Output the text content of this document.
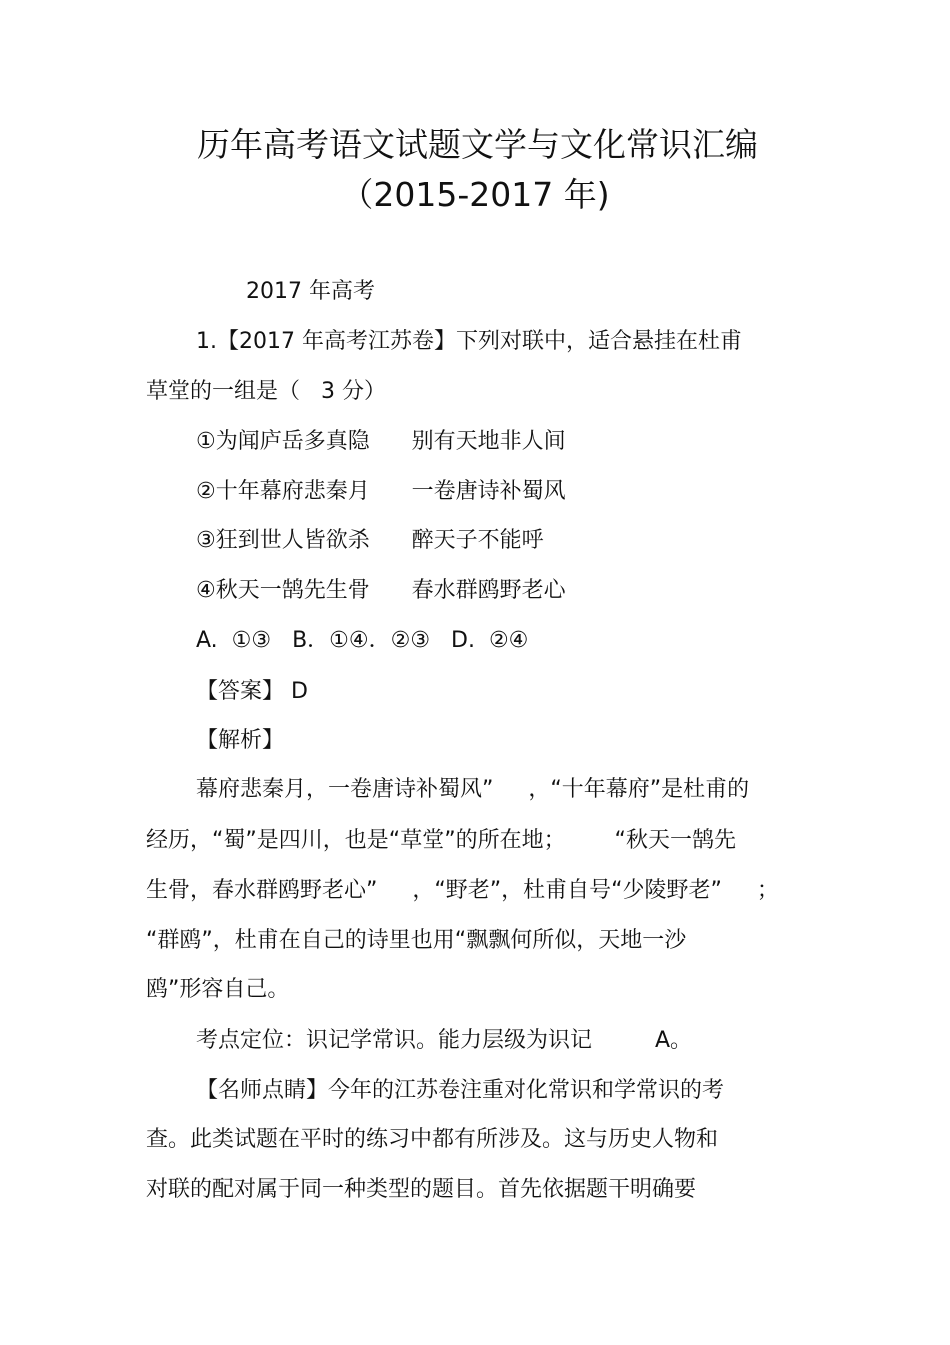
历年高考语文试题文学与文化常识汇编
（2015-2017 年)
2017 年高考
1.【2017 年高考江苏卷】下列对联中，适合悬挂在杜甫
草堂的一组是（   3 分）
①为闻庐岳多真隐      别有天地非人间
②十年幕府悲秦月      一卷唐诗补蜀风
③狂到世人皆欲杀      醉天子不能呼
④秋天一鹄先生骨      春水群鸥野老心
A.  ①③   B．①④．②③   D.  ②④
【答案】 D
【解析】
幕府悲秦月，一卷唐诗补蜀风”     ，“十年幕府”是杜甫的
经历，“蜀”是四川，也是“草堂”的所在地；       “秋天一鹄先
生骨，春水群鸥野老心”     ，“野老”，杜甫自号“少陵野老”     ；
“群鸥”，杜甫在自己的诗里也用“飘飘何所似，天地一沙
鸥”形容自己。
考点定位：识记学常识。能力层级为识记         A。
【名师点睛】今年的江苏卷注重对化常识和学常识的考
查。此类试题在平时的练习中都有所涉及。这与历史人物和
对联的配对属于同一种类型的题目。首先依据题干明确要
